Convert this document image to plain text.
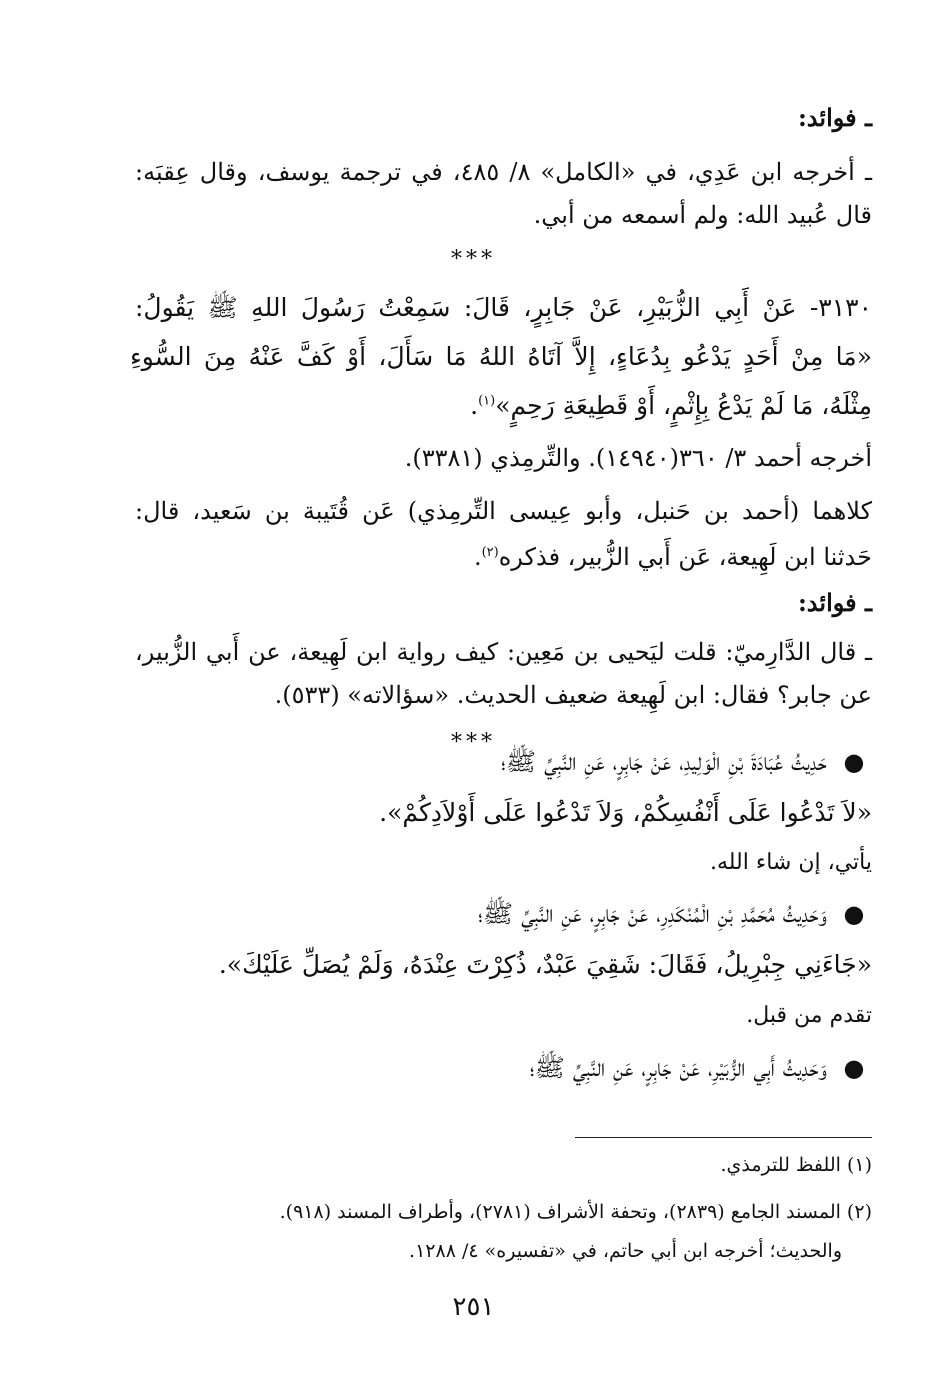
ـ فوائد:
ـ أخرجه ابن عَدِي، في «الكامل» ٨/ ٤٨٥، في ترجمة يوسف، وقال عِقبَه:
قال عُبيد الله: ولم أسمعه من أبي.
***
٣١٣٠- عَنْ أَبِي الزُّبَيْرِ، عَنْ جَابِرٍ، قَالَ: سَمِعْتُ رَسُولَ اللهِ ﷺ يَقُولُ:
«مَا مِنْ أَحَدٍ يَدْعُو بِدُعَاءٍ، إِلاَّ آتَاهُ اللهُ مَا سَأَلَ، أَوْ كَفَّ عَنْهُ مِنَ السُّوءِ
مِثْلَهُ، مَا لَمْ يَدْعُ بِإِثْمٍ، أَوْ قَطِيعَةِ رَحِمٍ»$^{(١)}$.
أخرجه أحمد ٣/ ٣٦٠(١٤٩٤٠). والتِّرمِذي (٣٣٨١).
كلاهما (أحمد بن حَنبل، وأبو عِيسى التِّرمِذي) عَن قُتَيبة بن سَعيد، قال:
حَدثنا ابن لَهِيعة، عَن أَبي الزُّبير، فذكره$^{(٢)}$.
ـ فوائد:
ـ قال الدَّارِميّ: قلت ليَحيى بن مَعِين: كيف رواية ابن لَهِيعة، عن أَبي الزُّبير،
عن جابر؟ فقال: ابن لَهِيعة ضعيف الحديث. «سؤالاته» (٥٣٣).
***
●
حَدِيثُ عُبَادَةَ بْنِ الْوَلِيدِ، عَنْ جَابِرٍ، عَنِ النَّبِيِّ ﷺ؛
«لاَ تَدْعُوا عَلَى أَنْفُسِكُمْ، وَلاَ تَدْعُوا عَلَى أَوْلاَدِكُمْ».
يأتي، إن شاء الله.
●
وَحَدِيثُ مُحَمَّدِ بْنِ الْمُنْكَدِرِ، عَنْ جَابِرٍ، عَنِ النَّبِيِّ ﷺ؛
«جَاءَنِي جِبْرِيلُ، فَقَالَ: شَقِيَ عَبْدٌ، ذُكِرْتَ عِنْدَهُ، وَلَمْ يُصَلِّ عَلَيْكَ».
تقدم من قبل.
●
وَحَدِيثُ أَبِي الزُّبَيْرِ، عَنْ جَابِرٍ، عَنِ النَّبِيِّ ﷺ؛
(١) اللفظ للترمذي.
(٢) المسند الجامع (٢٨٣٩)، وتحفة الأشراف (٢٧٨١)، وأطراف المسند (٩١٨).
والحديث؛ أخرجه ابن أبي حاتم، في «تفسيره» ٤/ ١٢٨٨.
٢٥١
